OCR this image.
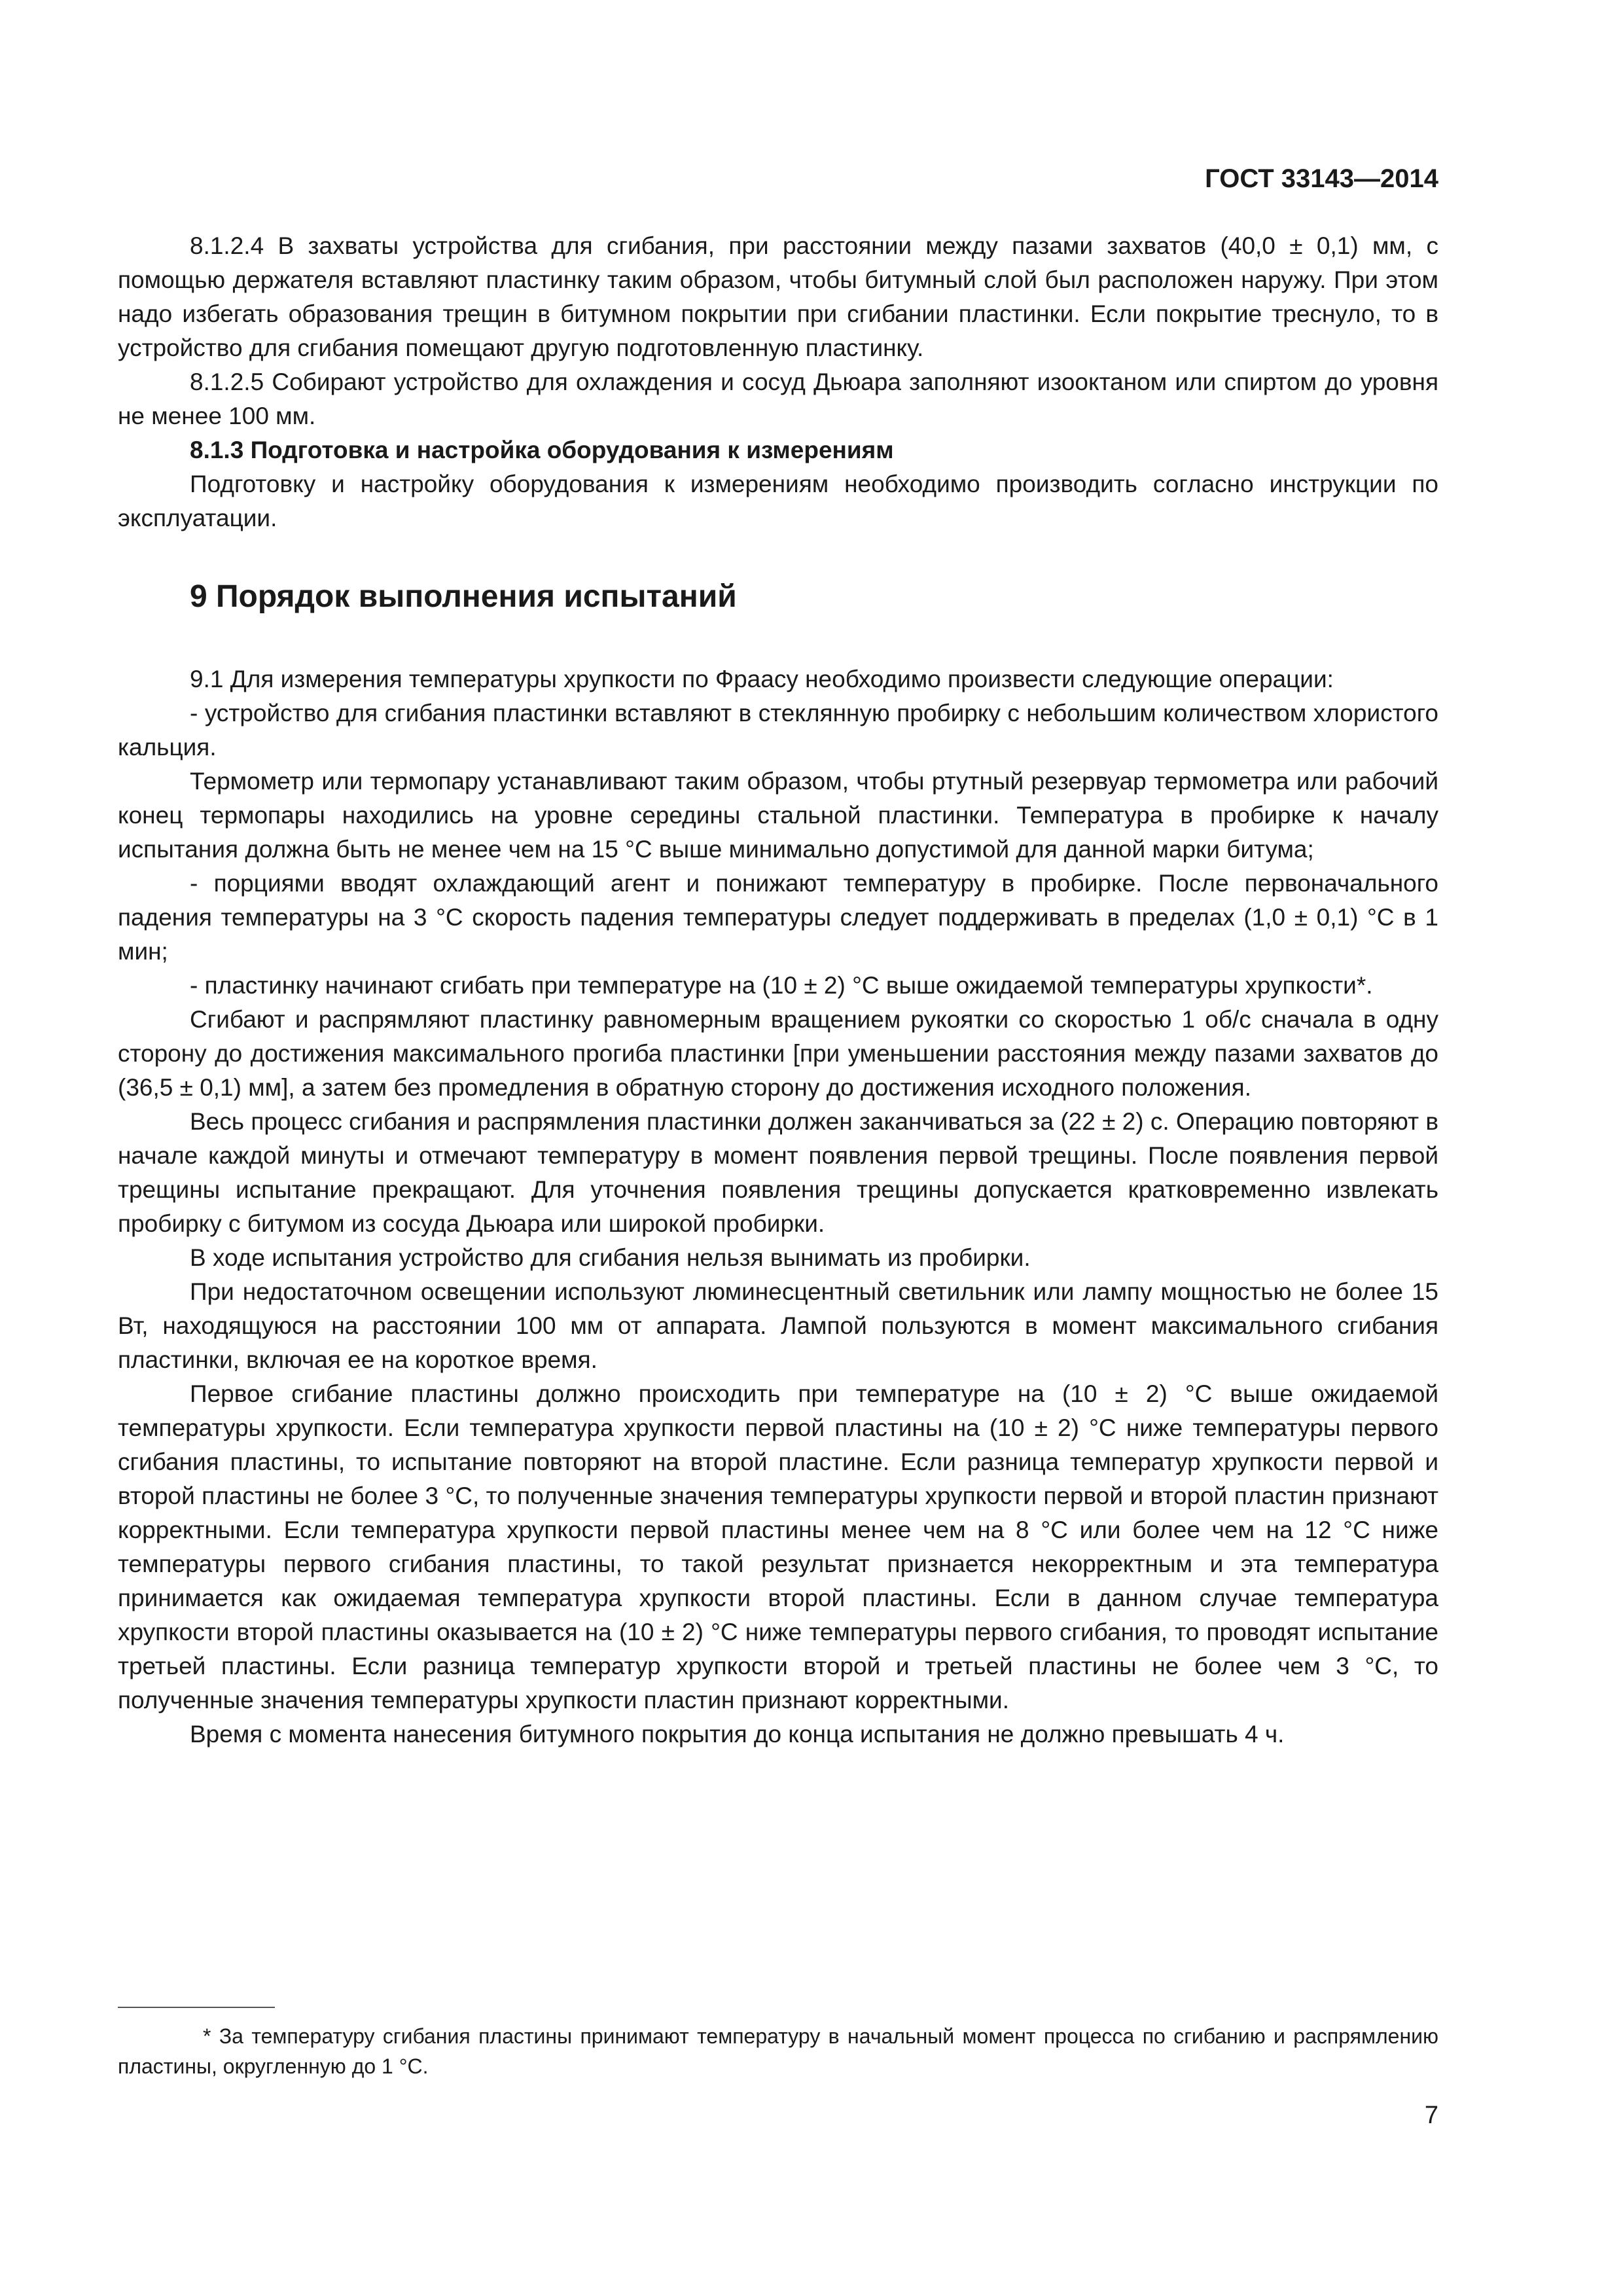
ГОСТ 33143—2014

8.1.2.4 В захваты устройства для сгибания, при расстоянии между пазами захватов (40,0 ± 0,1) мм, с помощью держателя вставляют пластинку таким образом, чтобы битумный слой был расположен наружу. При этом надо избегать образования трещин в битумном покрытии при сгибании пластинки. Если покрытие треснуло, то в устройство для сгибания помещают другую подготовленную пластинку.

8.1.2.5 Собирают устройство для охлаждения и сосуд Дьюара заполняют изооктаном или спиртом до уровня не менее 100 мм.

8.1.3 Подготовка и настройка оборудования к измерениям

Подготовку и настройку оборудования к измерениям необходимо производить согласно инструкции по эксплуатации.

9 Порядок выполнения испытаний

9.1 Для измерения температуры хрупкости по Фраасу необходимо произвести следующие операции:

- устройство для сгибания пластинки вставляют в стеклянную пробирку с небольшим количеством хлористого кальция.

Термометр или термопару устанавливают таким образом, чтобы ртутный резервуар термометра или рабочий конец термопары находились на уровне середины стальной пластинки. Температура в пробирке к началу испытания должна быть не менее чем на 15 °С выше минимально допустимой для данной марки битума;

- порциями вводят охлаждающий агент и понижают температуру в пробирке. После первоначального падения температуры на 3 °С скорость падения температуры следует поддерживать в пределах (1,0 ± 0,1) °С в 1 мин;

- пластинку начинают сгибать при температуре на (10 ± 2) °С выше ожидаемой температуры хрупкости*.

Сгибают и распрямляют пластинку равномерным вращением рукоятки со скоростью 1 об/с сначала в одну сторону до достижения максимального прогиба пластинки [при уменьшении расстояния между пазами захватов до (36,5 ± 0,1) мм], а затем без промедления в обратную сторону до достижения исходного положения.

Весь процесс сгибания и распрямления пластинки должен заканчиваться за (22 ± 2) с. Операцию повторяют в начале каждой минуты и отмечают температуру в момент появления первой трещины. После появления первой трещины испытание прекращают. Для уточнения появления трещины допускается кратковременно извлекать пробирку с битумом из сосуда Дьюара или широкой пробирки.

В ходе испытания устройство для сгибания нельзя вынимать из пробирки.

При недостаточном освещении используют люминесцентный светильник или лампу мощностью не более 15 Вт, находящуюся на расстоянии 100 мм от аппарата. Лампой пользуются в момент максимального сгибания пластинки, включая ее на короткое время.

Первое сгибание пластины должно происходить при температуре на (10 ± 2) °С выше ожидаемой температуры хрупкости. Если температура хрупкости первой пластины на (10 ± 2) °С ниже температуры первого сгибания пластины, то испытание повторяют на второй пластине. Если разница температур хрупкости первой и второй пластины не более 3 °С, то полученные значения температуры хрупкости первой и второй пластин признают корректными. Если температура хрупкости первой пластины менее чем на 8 °С или более чем на 12 °С ниже температуры первого сгибания пластины, то такой результат признается некорректным и эта температура принимается как ожидаемая температура хрупкости второй пластины. Если в данном случае температура хрупкости второй пластины оказывается на (10 ± 2) °С ниже температуры первого сгибания, то проводят испытание третьей пластины. Если разница температур хрупкости второй и третьей пластины не более чем 3 °С, то полученные значения температуры хрупкости пластин признают корректными.

Время с момента нанесения битумного покрытия до конца испытания не должно превышать 4 ч.

* За температуру сгибания пластины принимают температуру в начальный момент процесса по сгибанию и распрямлению пластины, округленную до 1 °С.
7
